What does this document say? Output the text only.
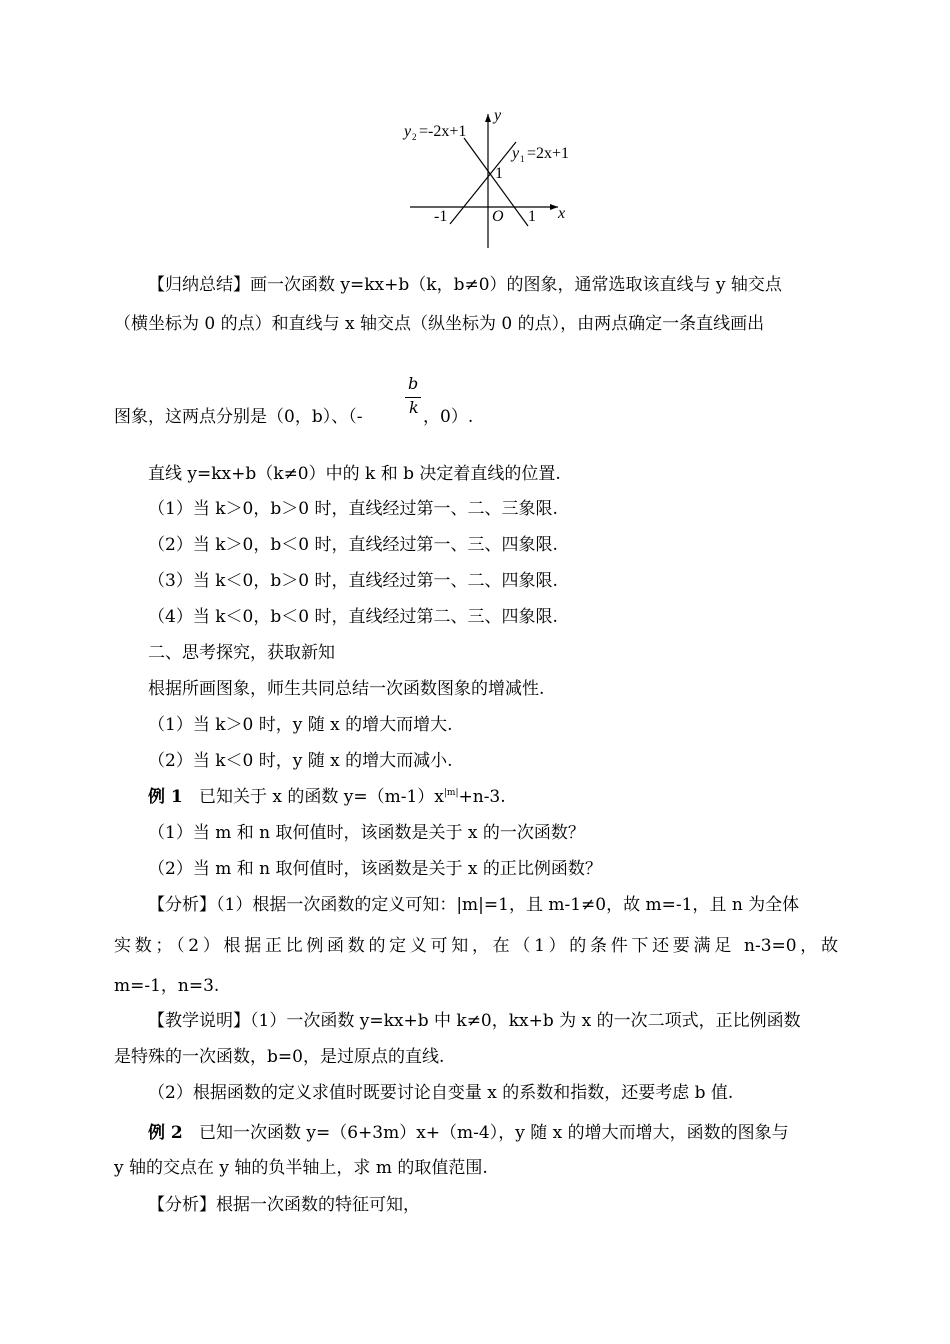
y 2 =-2x+1
y
y 1 =2x+1
1
-1	O 1 x
【归纳总结】画一次函数 y=kx+b（k，b≠0）的图象，通常选取该直线与 y 轴交点
（横坐标为 0 的点）和直线与 x 轴交点（纵坐标为 0 的点），由两点确定一条直线画出
b
k
图象，这两点分别是（0，b）、（-	，0）.
直线 y=kx+b（k≠0）中的 k 和 b 决定着直线的位置.
（1）当 k＞0，b＞0 时，直线经过第一、二、三象限.
（2）当 k＞0，b＜0 时，直线经过第一、三、四象限.
（3）当 k＜0，b＞0 时，直线经过第一、二、四象限.
（4）当 k＜0，b＜0 时，直线经过第二、三、四象限.
二、思考探究，获取新知
根据所画图象，师生共同总结一次函数图象的增减性.
（1）当 k＞0 时，y 随 x 的增大而增大.
（2）当 k＜0 时，y 随 x 的增大而减小.
例 1 已知关于 x 的函数 $y=(m-1)x^{|m|}+n-3$.
（1）当 m 和 n 取何值时，该函数是关于 x 的一次函数？
（2）当 m 和 n 取何值时，该函数是关于 x 的正比例函数？
【分析】（1）根据一次函数的定义可知：|m|=1，且 m-1≠0，故 m=-1，且 n 为全体
实数；（2）根据正比例函数的定义可知，在（1）的条件下还要满足 n-3=0，故
m=-1，n=3.
【教学说明】（1）一次函数 y=kx+b 中 k≠0，kx+b 为 x 的一次二项式，正比例函数
是特殊的一次函数，b=0，是过原点的直线.
（2）根据函数的定义求值时既要讨论自变量 x 的系数和指数，还要考虑 b 值.
例 2 已知一次函数 y=（6+3m）x+（m-4），y 随 x 的增大而增大，函数的图象与
y 轴的交点在 y 轴的负半轴上，求 m 的取值范围.
【分析】根据一次函数的特征可知，
